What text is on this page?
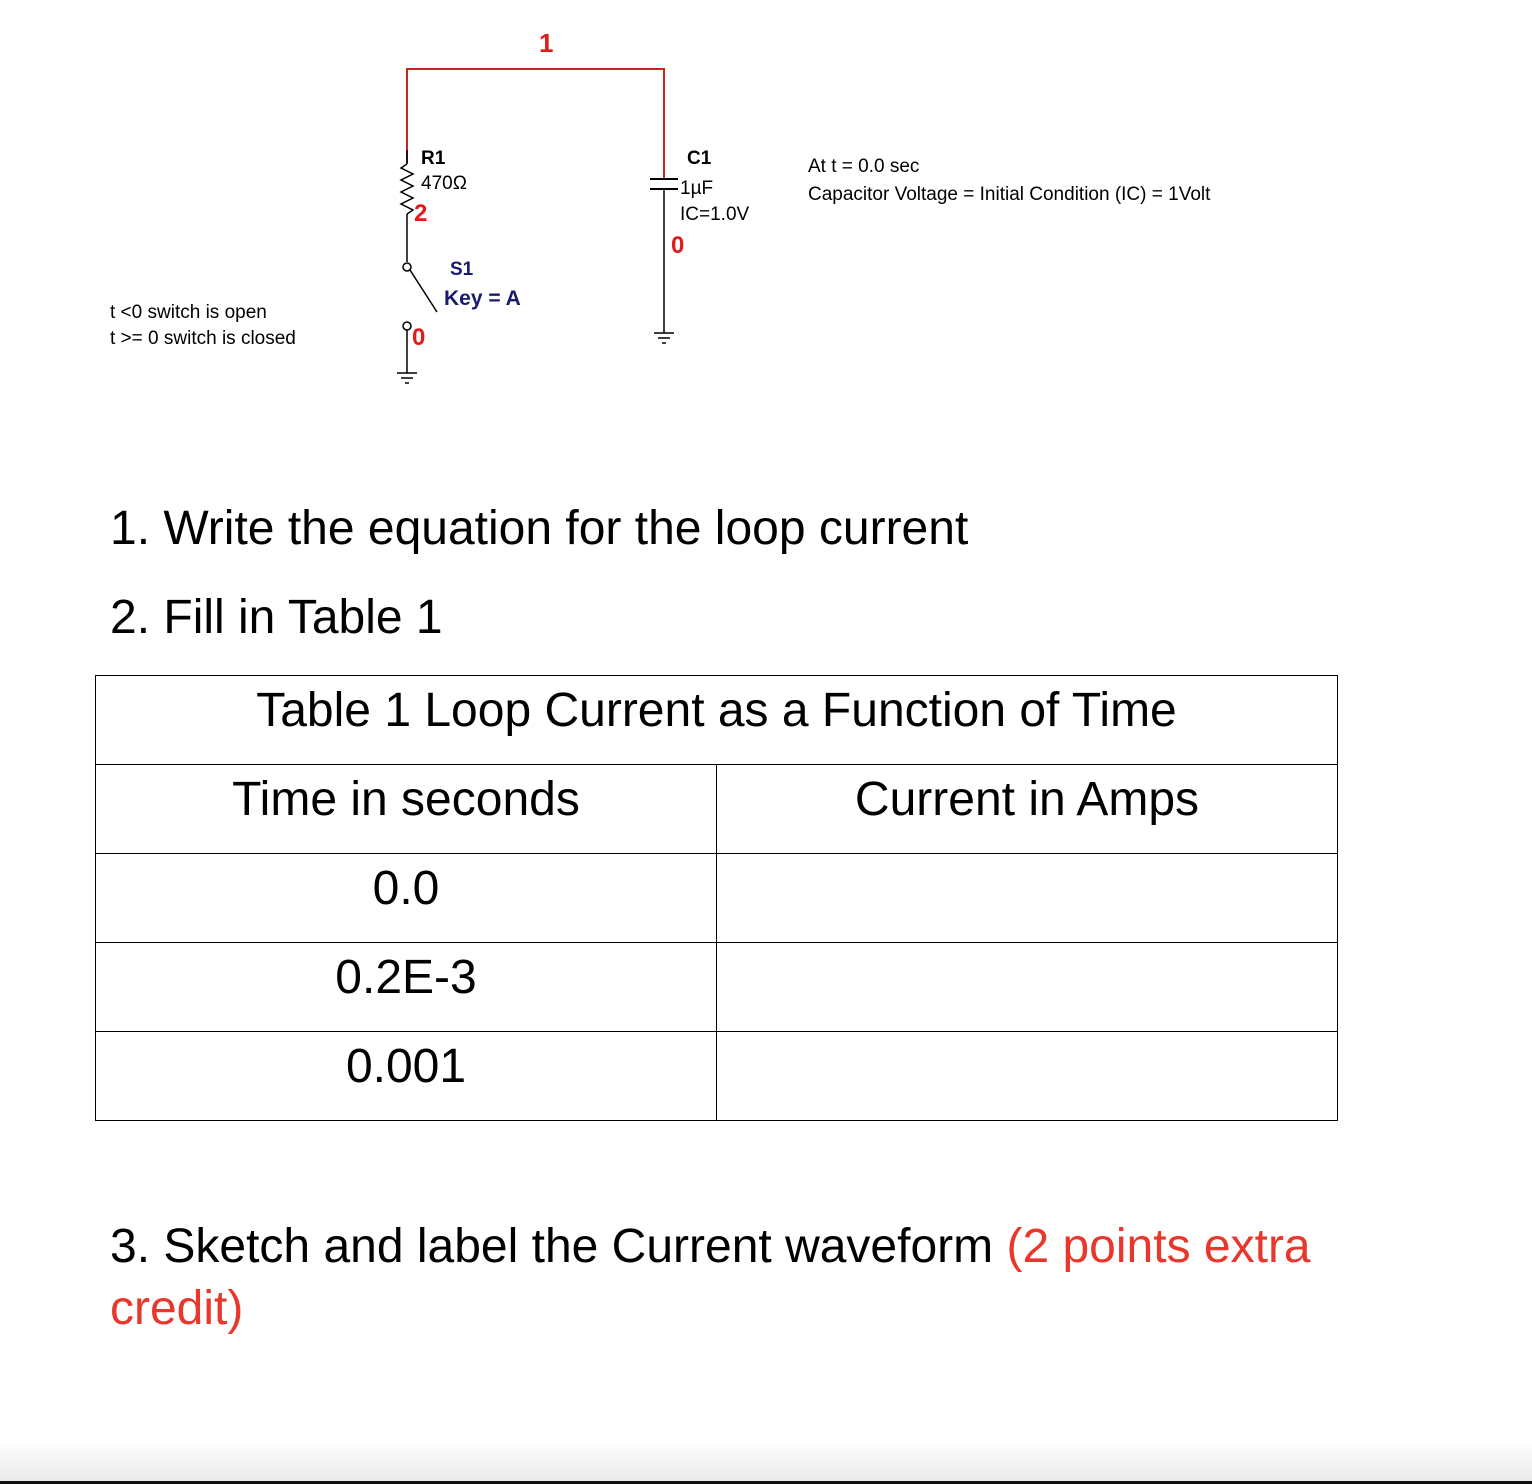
1
R1
470Ω
2
S1
Key = A
0
C1
1µF
IC=1.0V
0
At t = 0.0 sec
Capacitor Voltage = Initial Condition (IC) = 1Volt
t <0 switch is open
t >= 0 switch is closed

1. Write the equation for the loop current

2. Fill in Table 1

Table 1 Loop Current as a Function of Time	
Time in seconds	Current in Amps
0.0	
0.2E-3	
0.001	

3. Sketch and label the Current waveform (2 points extra credit)
